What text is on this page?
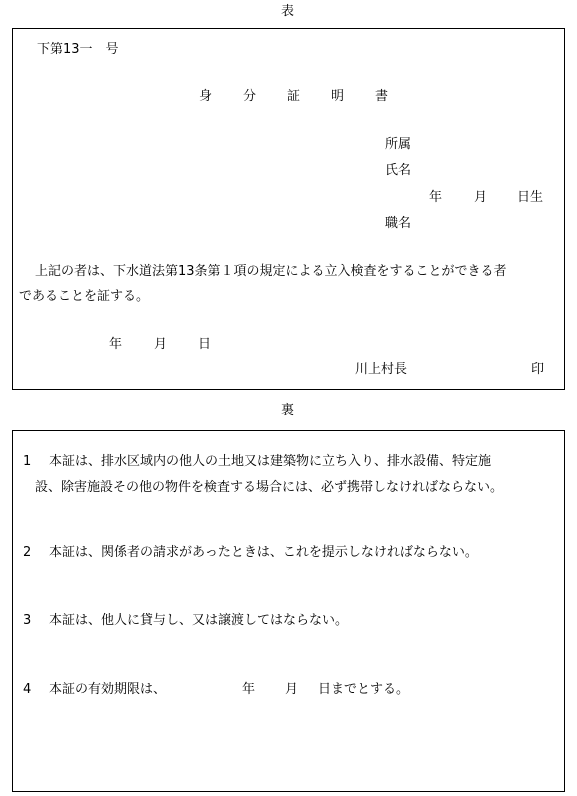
表
下第13一　号
身 分 証 明 書
所属
氏名
年 月 日生
職名
上記の者は、下水道法第13条第１項の規定による立入検査をすることができる者
であることを証する。
年 月 日
川上村長	印
裏
1 本証は、排水区域内の他人の土地又は建築物に立ち入り、排水設備、特定施
設、除害施設その他の物件を検査する場合には、必ず携帯しなければならない。
2 本証は、関係者の請求があったときは、これを提示しなければならない。
3 本証は、他人に貸与し、又は譲渡してはならない。
4 本証の有効期限は、	年 月 日までとする。
